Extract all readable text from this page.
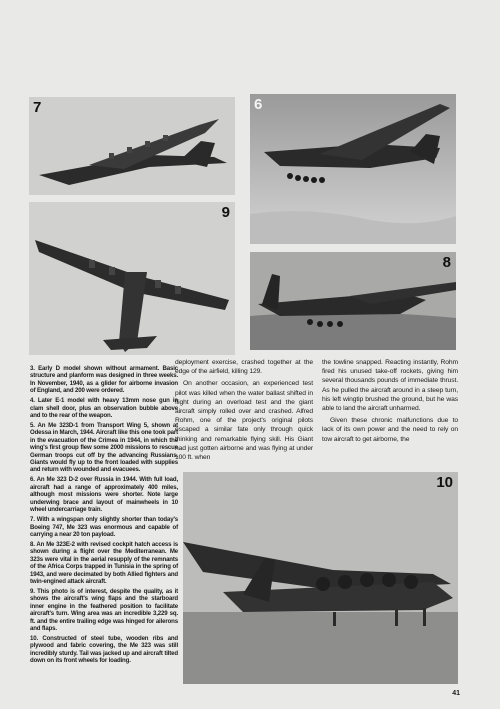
7	6
9
8
10

3. Early D model shown without armament. Basic structure and planform was designed in three weeks. In November, 1940, as a glider for airborne invasion of England, and 200 were ordered.

4. Later E-1 model with heavy 13mm nose gun in clam shell door, plus an observation bubble above and to the rear of the weapon.

5. An Me 323D-1 from Transport Wing 5, shown at Odessa in March, 1944. Aircraft like this one took part in the evacuation of the Crimea in 1944, in which the wing's first group flew some 2000 missions to rescue German troops cut off by the advancing Russians. Giants would fly up to the front loaded with supplies and return with wounded and evacuees.

6. An Me 323 D-2 over Russia in 1944. With full load, aircraft had a range of approximately 400 miles, although most missions were shorter. Note large underwing brace and layout of mainwheels in 10 wheel undercarriage train.

7. With a wingspan only slightly shorter than today's Boeing 747, Me 323 was enormous and capable of carrying a near 20 ton payload.

8. An Me 323E-2 with revised cockpit hatch access is shown during a flight over the Mediterranean. Me 323s were vital in the aerial resupply of the remnants of the Africa Corps trapped in Tunisia in the spring of 1943, and were decimated by both Allied fighters and twin-engined attack aircraft.

9. This photo is of interest, despite the quality, as it shows the aircraft's wing flaps and the starboard inner engine in the feathered position to facilitate aircraft's turn. Wing area was an incredible 3,229 sq. ft. and the entire trailing edge was hinged for ailerons and flaps.

10. Constructed of steel tube, wooden ribs and plywood and fabric covering, the Me 323 was still incredibly sturdy. Tail was jacked up and aircraft tilted down on its front wheels for loading.

deployment exercise, crashed together at the edge of the airfield, killing 129.

On another occasion, an experienced test pilot was killed when the water ballast shifted in flight during an overload test and the giant aircraft simply rolled over and crashed. Alfred Rohm, one of the project's original pilots escaped a similar fate only through quick thinking and remarkable flying skill. His Giant had just gotten airborne and was flying at under 100 ft. when

the towline snapped. Reacting instantly, Rohm fired his unused take-off rockets, giving him several thousands pounds of immediate thrust. As he pulled the aircraft around in a steep turn, his left wingtip brushed the ground, but he was able to land the aircraft unharmed.

Given these chronic malfunctions due to lack of its own power and the need to rely on tow aircraft to get airborne, the

41
